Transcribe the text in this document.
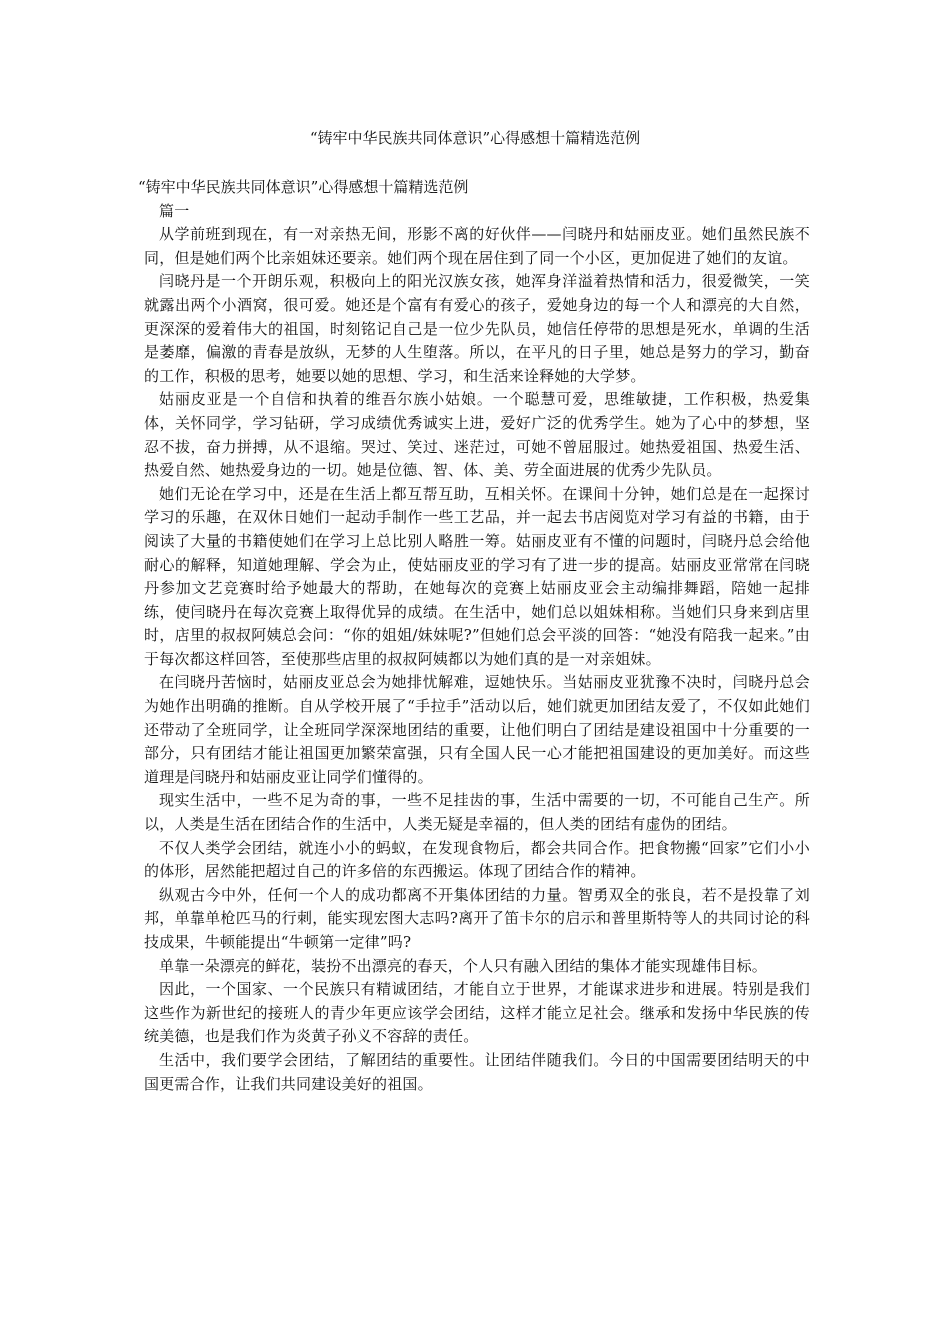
“铸牢中华民族共同体意识”心得感想十篇精选范例

“铸牢中华民族共同体意识”心得感想十篇精选范例

篇一

从学前班到现在，有一对亲热无间，形影不离的好伙伴——闫晓丹和姑丽皮亚。她们虽然民族不同，但是她们两个比亲姐妹还要亲。她们两个现在居住到了同一个小区，更加促进了她们的友谊。

闫晓丹是一个开朗乐观，积极向上的阳光汉族女孩，她浑身洋溢着热情和活力，很爱微笑，一笑就露出两个小酒窝，很可爱。她还是个富有有爱心的孩子，爱她身边的每一个人和漂亮的大自然，更深深的爱着伟大的祖国，时刻铭记自己是一位少先队员，她信任停带的思想是死水，单调的生活是萎靡，偏激的青春是放纵，无梦的人生堕落。所以，在平凡的日子里，她总是努力的学习，勤奋的工作，积极的思考，她要以她的思想、学习，和生活来诠释她的大学梦。

姑丽皮亚是一个自信和执着的维吾尔族小姑娘。一个聪慧可爱，思维敏捷，工作积极，热爱集体，关怀同学，学习钻研，学习成绩优秀诚实上进，爱好广泛的优秀学生。她为了心中的梦想，坚忍不拔，奋力拼搏，从不退缩。哭过、笑过、迷茫过，可她不曾屈服过。她热爱祖国、热爱生活、热爱自然、她热爱身边的一切。她是位德、智、体、美、劳全面进展的优秀少先队员。

她们无论在学习中，还是在生活上都互帮互助，互相关怀。在课间十分钟，她们总是在一起探讨学习的乐趣，在双休日她们一起动手制作一些工艺品，并一起去书店阅览对学习有益的书籍，由于阅读了大量的书籍使她们在学习上总比别人略胜一筹。姑丽皮亚有不懂的问题时，闫晓丹总会给他耐心的解释，知道她理解、学会为止，使姑丽皮亚的学习有了进一步的提高。姑丽皮亚常常在闫晓丹参加文艺竞赛时给予她最大的帮助，在她每次的竞赛上姑丽皮亚会主动编排舞蹈，陪她一起排练，使闫晓丹在每次竞赛上取得优异的成绩。在生活中，她们总以姐妹相称。当她们只身来到店里时，店里的叔叔阿姨总会问：“你的姐姐/妹妹呢?”但她们总会平淡的回答：“她没有陪我一起来。”由于每次都这样回答，至使那些店里的叔叔阿姨都以为她们真的是一对亲姐妹。

在闫晓丹苦恼时，姑丽皮亚总会为她排忧解难，逗她快乐。当姑丽皮亚犹豫不决时，闫晓丹总会为她作出明确的推断。自从学校开展了“手拉手”活动以后，她们就更加团结友爱了，不仅如此她们还带动了全班同学，让全班同学深深地团结的重要，让他们明白了团结是建设祖国中十分重要的一部分，只有团结才能让祖国更加繁荣富强，只有全国人民一心才能把祖国建设的更加美好。而这些道理是闫晓丹和姑丽皮亚让同学们懂得的。

现实生活中，一些不足为奇的事，一些不足挂齿的事，生活中需要的一切，不可能自己生产。所以，人类是生活在团结合作的生活中，人类无疑是幸福的，但人类的团结有虚伪的团结。

不仅人类学会团结，就连小小的蚂蚁，在发现食物后，都会共同合作。把食物搬“回家”它们小小的体形，居然能把超过自己的许多倍的东西搬运。体现了团结合作的精神。

纵观古今中外，任何一个人的成功都离不开集体团结的力量。智勇双全的张良，若不是投靠了刘邦，单靠单枪匹马的行刺，能实现宏图大志吗?离开了笛卡尔的启示和普里斯特等人的共同讨论的科技成果，牛顿能提出“牛顿第一定律”吗?

单靠一朵漂亮的鲜花，装扮不出漂亮的春天，个人只有融入团结的集体才能实现雄伟目标。

因此，一个国家、一个民族只有精诚团结，才能自立于世界，才能谋求进步和进展。特别是我们这些作为新世纪的接班人的青少年更应该学会团结，这样才能立足社会。继承和发扬中华民族的传统美德，也是我们作为炎黄子孙义不容辞的责任。

生活中，我们要学会团结，了解团结的重要性。让团结伴随我们。今日的中国需要团结明天的中国更需合作，让我们共同建设美好的祖国。
